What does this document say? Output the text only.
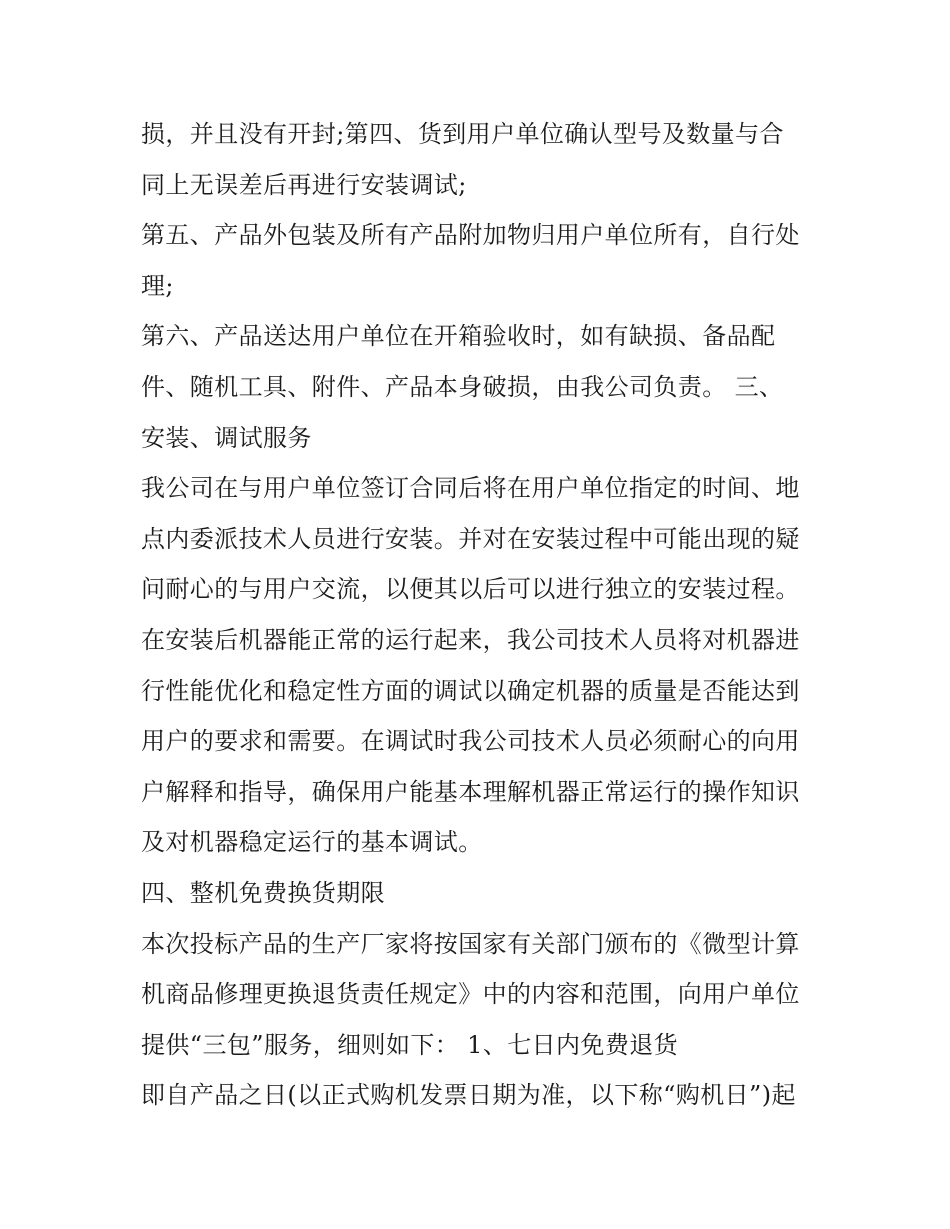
损，并且没有开封;第四、货到用户单位确认型号及数量与合
同上无误差后再进行安装调试;
第五、产品外包装及所有产品附加物归用户单位所有，自行处
理;
第六、产品送达用户单位在开箱验收时，如有缺损、备品配
件、随机工具、附件、产品本身破损，由我公司负责。 三、
安装、调试服务
我公司在与用户单位签订合同后将在用户单位指定的时间、地
点内委派技术人员进行安装。并对在安装过程中可能出现的疑
问耐心的与用户交流，以便其以后可以进行独立的安装过程。
在安装后机器能正常的运行起来，我公司技术人员将对机器进
行性能优化和稳定性方面的调试以确定机器的质量是否能达到
用户的要求和需要。在调试时我公司技术人员必须耐心的向用
户解释和指导，确保用户能基本理解机器正常运行的操作知识
及对机器稳定运行的基本调试。
四、整机免费换货期限
本次投标产品的生产厂家将按国家有关部门颁布的《微型计算
机商品修理更换退货责任规定》中的内容和范围，向用户单位
提供“三包”服务，细则如下： 1、七日内免费退货
即自产品之日(以正式购机发票日期为准，以下称“购机日”)起
